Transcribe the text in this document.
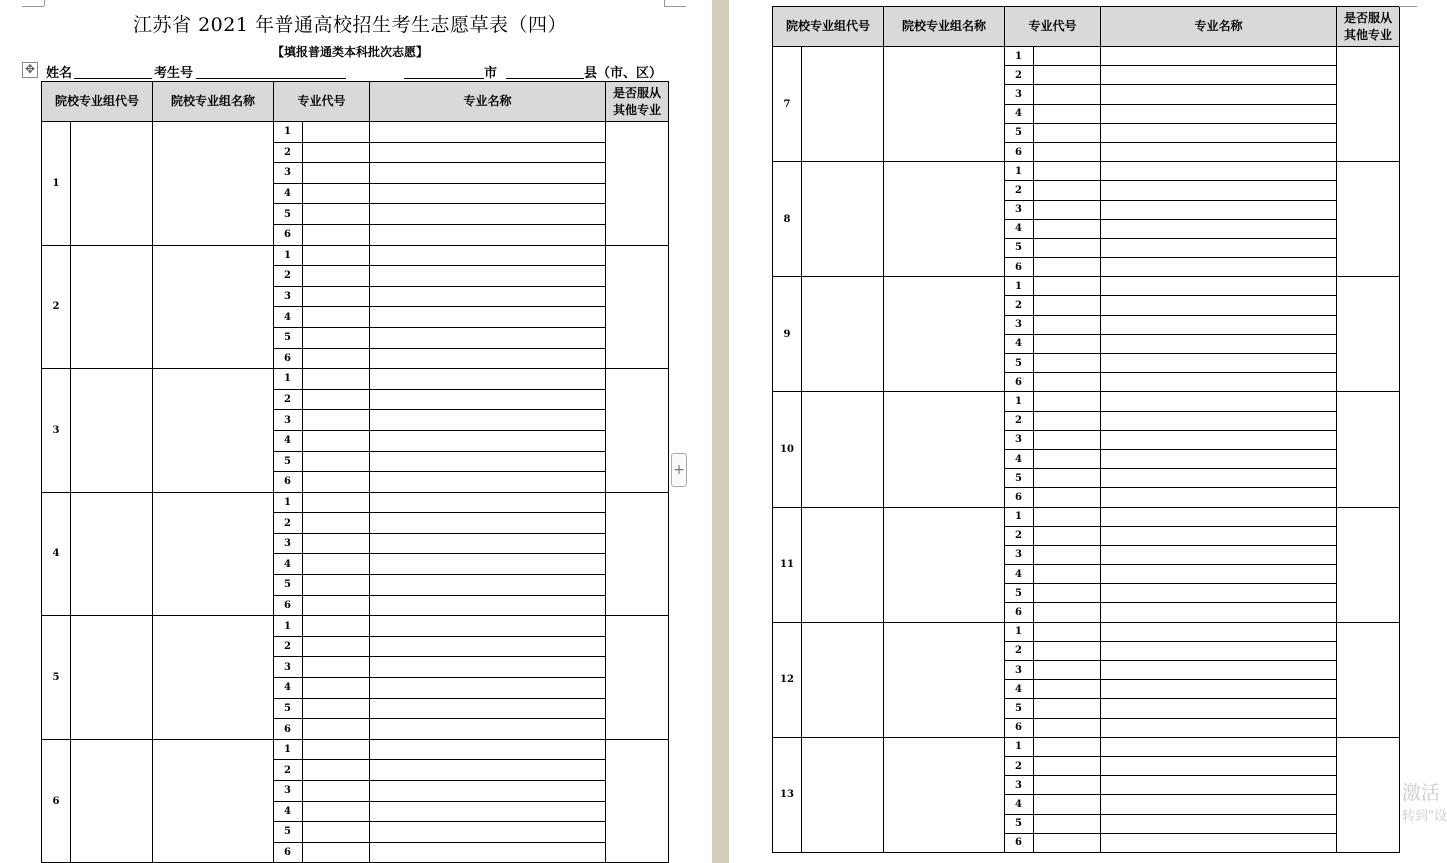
江苏省 2021 年普通高校招生考生志愿草表（四）
【填报普通类本科批次志愿】
✥ 姓名	考生号	市	县（市、区）
院校专业组代号		院校专业组名称	专业代号		专业名称	是否服从
其他专业
1			1			
			2			
			3			
			4			
			5			
			6			
2			1			
			2			
			3			
			4			
			5			
			6			
3			1			
			2			
			3			
			4			
			5			
			6			
4			1			
			2			
			3			
			4			
			5			
			6			
5			1			
			2			
			3			
			4			
			5			
			6			
6			1			
			2			
			3			
			4			
			5			
			6			
+
院校专业组代号		院校专业组名称	专业代号		专业名称	是否服从
其他专业
7			1			
			2			
			3			
			4			
			5			
			6			
8			1			
			2			
			3			
			4			
			5			
			6			
9			1			
			2			
			3			
			4			
			5			
			6			
10			1			
			2			
			3			
			4			
			5			
			6			
11			1			
			2			
			3			
			4			
			5			
			6			
12			1			
			2			
			3			
			4			
			5			
			6			
13			1			
			2			
			3			
			4			
			5			
			6			
激活
转到"设
